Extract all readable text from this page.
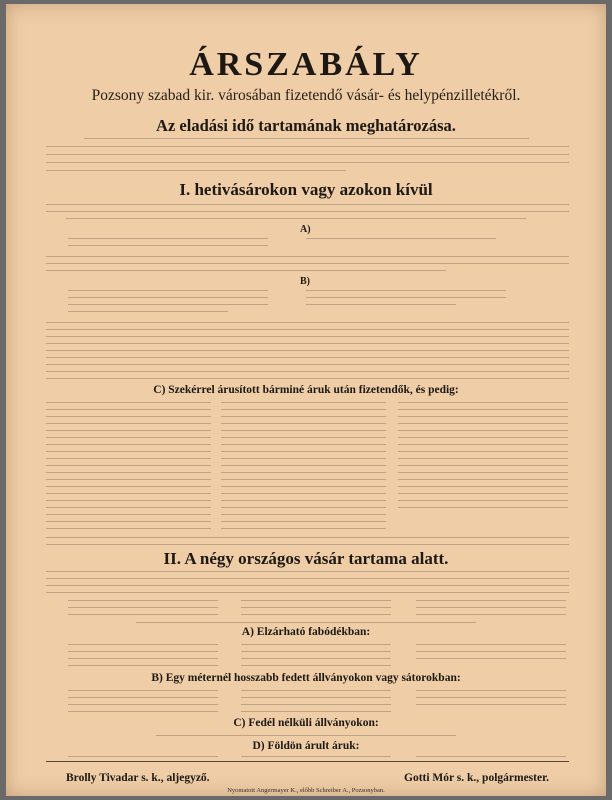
ÁRSZABÁLY
Pozsony szabad kir. városában fizetendő vásár- és helypénzilletékről.
Az eladási idő tartamának meghatározása.
I. hetivásárokon vagy azokon kívül
A)
B)
C) Szekérrel árusított bárminé áruk után fizetendők, és pedig:
II. A négy országos vásár tartama alatt.
A) Elzárható fabódékban:
B) Egy méternél hosszabb fedett állványokon vagy sátorokban:
C) Fedél nélküli állványokon:
D) Földön árult áruk:
Brolly Tivadar s. k., aljegyző.	Gotti Mór s. k., polgármester.
Nyomatott Angermayer K., előbb Schreiber A., Pozsonyban.
